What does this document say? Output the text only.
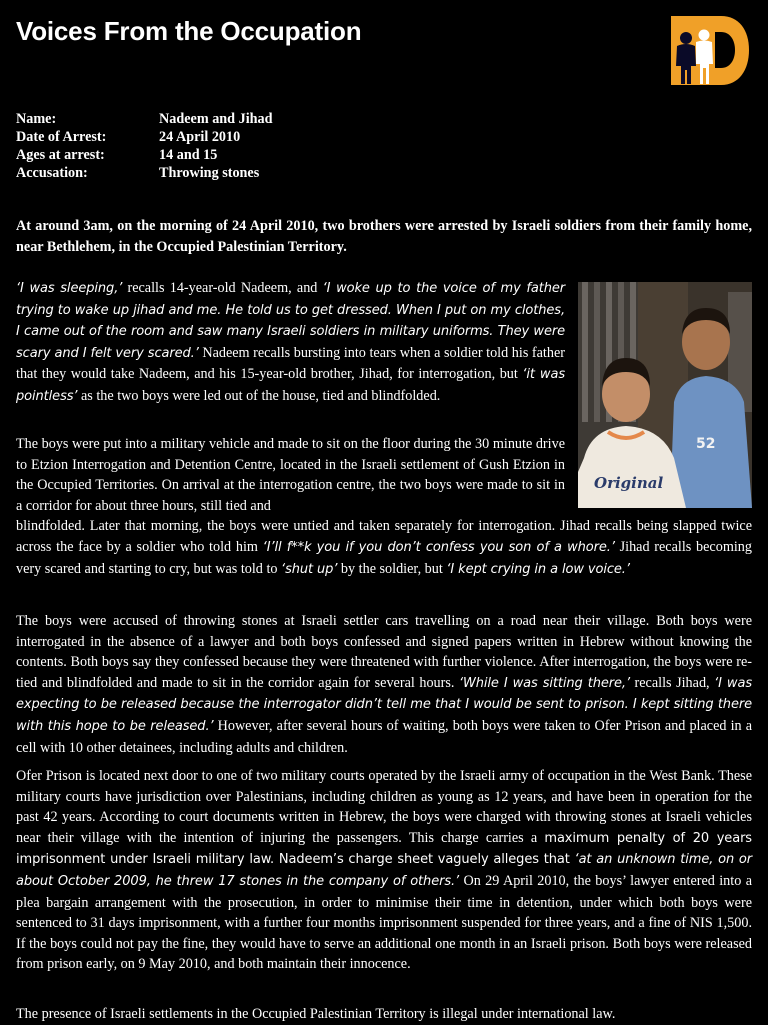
Voices From the Occupation
Name:	Nadeem and Jihad
Date of Arrest:	24 April 2010
Ages at arrest:	14 and 15
Accusation:	Throwing stones
At around 3am, on the morning of 24 April 2010, two brothers were arrested by Israeli soldiers from their family home, near Bethlehem, in the Occupied Palestinian Territory.
52
Original
‘I was sleeping,’ recalls 14-year-old Nadeem, and ‘I woke up to the voice of my father trying to wake up jihad and me. He told us to get dressed. When I put on my clothes, I came out of the room and saw many Israeli soldiers in military uniforms. They were scary and I felt very scared.’ Nadeem recalls bursting into tears when a soldier told his father that they would take Nadeem, and his 15-year-old brother, Jihad, for interrogation, but ‘it was pointless’ as the two boys were led out of the house, tied and blindfolded.
The boys were put into a military vehicle and made to sit on the floor during the 30 minute drive to Etzion Interrogation and Detention Centre, located in the Israeli settlement of Gush Etzion in the Occupied Territories. On arrival at the interrogation centre, the two boys were made to sit in a corridor for about three hours, still tied and
blindfolded. Later that morning, the boys were untied and taken separately for interrogation. Jihad recalls being slapped twice across the face by a soldier who told him ‘I’ll f**k you if you don’t confess you son of a whore.’ Jihad recalls becoming very scared and starting to cry, but was told to ‘shut up’ by the soldier, but ‘I kept crying in a low voice.’
The boys were accused of throwing stones at Israeli settler cars travelling on a road near their village. Both boys were interrogated in the absence of a lawyer and both boys confessed and signed papers written in Hebrew without knowing the contents. Both boys say they confessed because they were threatened with further violence. After interrogation, the boys were re-tied and blindfolded and made to sit in the corridor again for several hours. ‘While I was sitting there,’ recalls Jihad, ‘I was expecting to be released because the interrogator didn’t tell me that I would be sent to prison. I kept sitting there with this hope to be released.’ However, after several hours of waiting, both boys were taken to Ofer Prison and placed in a cell with 10 other detainees, including adults and children.
Ofer Prison is located next door to one of two military courts operated by the Israeli army of occupation in the West Bank. These military courts have jurisdiction over Palestinians, including children as young as 12 years, and have been in operation for the past 42 years. According to court documents written in Hebrew, the boys were charged with throwing stones at Israeli vehicles near their village with the intention of injuring the passengers. This charge carries a maximum penalty of 20 years imprisonment under Israeli military law. Nadeem’s charge sheet vaguely alleges that ‘at an unknown time, on or about October 2009, he threw 17 stones in the company of others.’ On 29 April 2010, the boys’ lawyer entered into a plea bargain arrangement with the prosecution, in order to minimise their time in detention, under which both boys were sentenced to 31 days imprisonment, with a further four months imprisonment suspended for three years, and a fine of NIS 1,500. If the boys could not pay the fine, they would have to serve an additional one month in an Israeli prison. Both boys were released from prison early, on 9 May 2010, and both maintain their innocence.
The presence of Israeli settlements in the Occupied Palestinian Territory is illegal under international law.
